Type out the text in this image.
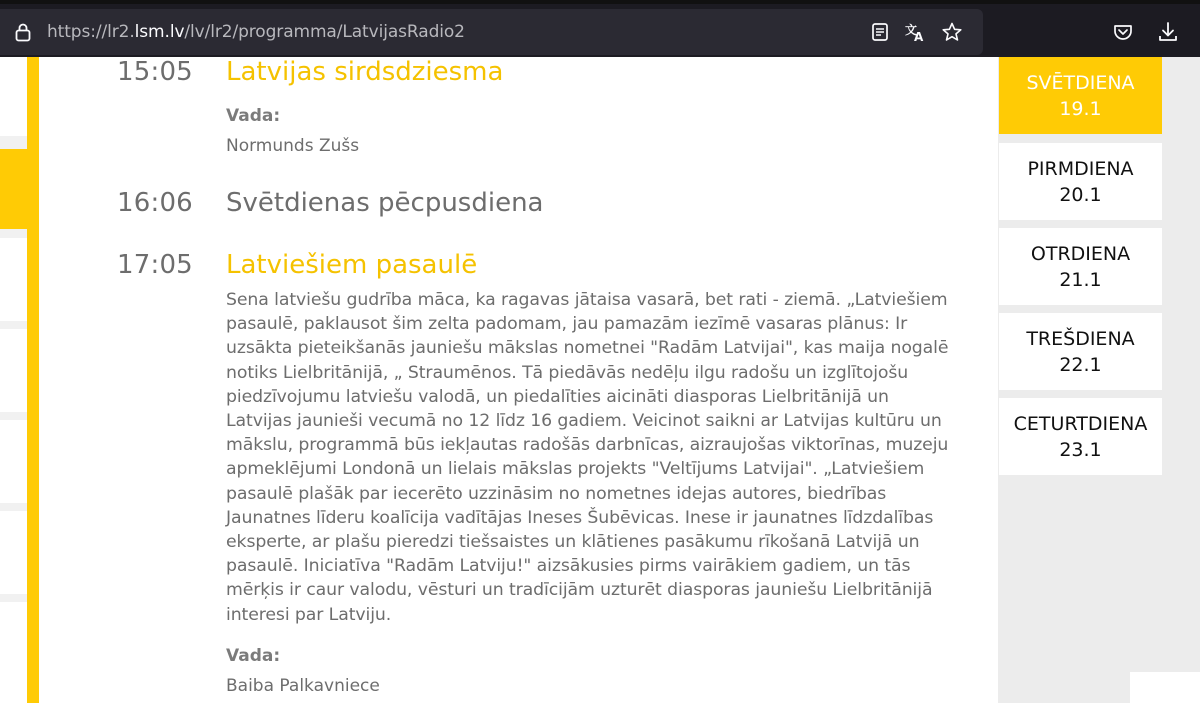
https://lr2.lsm.lv/lv/lr2/programma/LatvijasRadio2	文
A
15:05 Latvijas sirdsdziesma
Vada:
Normunds Zušs
16:06 Svētdienas pēcpusdiena
17:05 Latviešiem pasaulē
Sena latviešu gudrība māca, ka ragavas jātaisa vasarā, bet rati - ziemā. „Latviešiem pasaulē, paklausot šim zelta padomam, jau pamazām iezīmē vasaras plānus: Ir uzsākta pieteikšanās jauniešu mākslas nometnei "Radām Latvijai", kas maija nogalē notiks Lielbritānijā, „ Straumēnos. Tā piedāvās nedēļu ilgu radošu un izglītojošu piedzīvojumu latviešu valodā, un piedalīties aicināti diasporas Lielbritānijā un Latvijas jaunieši vecumā no 12 līdz 16 gadiem. Veicinot saikni ar Latvijas kultūru un mākslu, programmā būs iekļautas radošās darbnīcas, aizraujošas viktorīnas, muzeju apmeklējumi Londonā un lielais mākslas projekts "Veltījums Latvijai". „Latviešiem pasaulē plašāk par iecerēto uzzināsim no nometnes idejas autores, biedrības Jaunatnes līderu koalīcija vadītājas Ineses Šubēvicas. Inese ir jaunatnes līdzdalības eksperte, ar plašu pieredzi tiešsaistes un klātienes pasākumu rīkošanā Latvijā un pasaulē. Iniciatīva "Radām Latviju!" aizsākusies pirms vairākiem gadiem, un tās mērķis ir caur valodu, vēsturi un tradīcijām uzturēt diasporas jauniešu Lielbritānijā interesi par Latviju.
Vada:
Baiba Palkavniece
SVĒTDIENA
19.1
PIRMDIENA
20.1
OTRDIENA
21.1
TREŠDIENA
22.1
CETURTDIENA
23.1
